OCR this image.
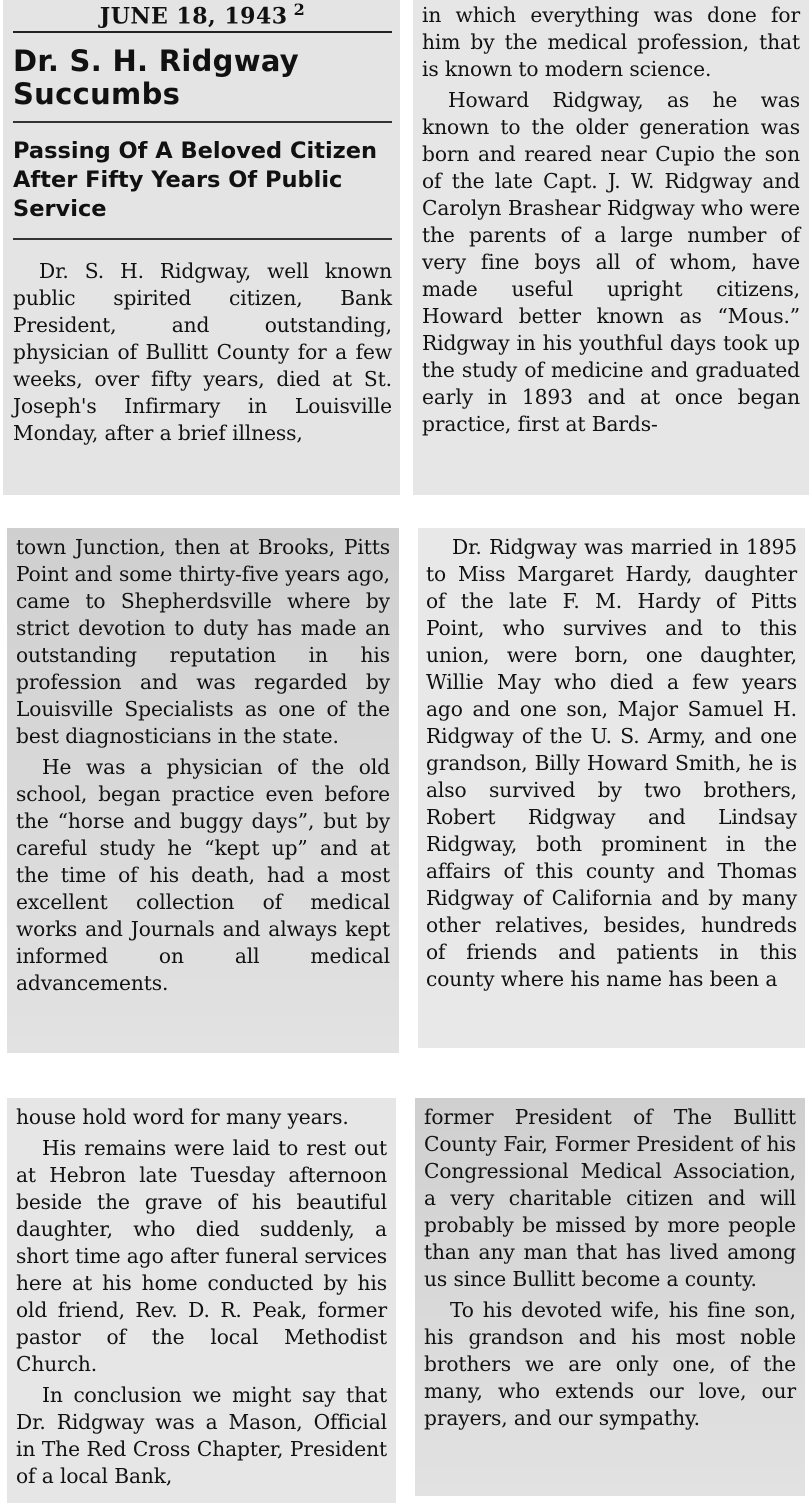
JUNE 18, 1943 $^2$
Dr. S. H. Ridgway Succumbs
Passing Of A Beloved Citizen After Fifty Years Of Public Service

Dr. S. H. Ridgway, well known public spirited citizen, Bank President, and outstanding, physician of Bullitt County for a few weeks, over fifty years, died at St. Joseph's Infirmary in Louisville Monday, after a brief illness,

in which everything was done for him by the medical profession, that is known to modern science.

Howard Ridgway, as he was known to the older generation was born and reared near Cupio the son of the late Capt. J. W. Ridgway and Carolyn Brashear Ridgway who were the parents of a large number of very fine boys all of whom, have made useful upright citizens, Howard better known as “Mous.” Ridgway in his youthful days took up the study of medicine and graduated early in 1893 and at once began practice, first at Bards-

town Junction, then at Brooks, Pitts Point and some thirty-five years ago, came to Shepherdsville where by strict devotion to duty has made an outstanding reputation in his profession and was regarded by Louisville Specialists as one of the best diagnosticians in the state.

He was a physician of the old school, began practice even before the “horse and buggy days”, but by careful study he “kept up” and at the time of his death, had a most excellent collection of medical works and Journals and always kept informed on all medical advancements.

Dr. Ridgway was married in 1895 to Miss Margaret Hardy, daughter of the late F. M. Hardy of Pitts Point, who survives and to this union, were born, one daughter, Willie May who died a few years ago and one son, Major Samuel H. Ridgway of the U. S. Army, and one grandson, Billy Howard Smith, he is also survived by two brothers, Robert Ridgway and Lindsay Ridgway, both prominent in the affairs of this county and Thomas Ridgway of California and by many other relatives, besides, hundreds of friends and patients in this county where his name has been a

house hold word for many years.

His remains were laid to rest out at Hebron late Tuesday afternoon beside the grave of his beautiful daughter, who died suddenly, a short time ago after funeral services here at his home conducted by his old friend, Rev. D. R. Peak, former pastor of the local Methodist Church.

In conclusion we might say that Dr. Ridgway was a Mason, Official in The Red Cross Chapter, President of a local Bank,

former President of The Bullitt County Fair, Former President of his Congressional Medical Association, a very charitable citizen and will probably be missed by more people than any man that has lived among us since Bullitt become a county.

To his devoted wife, his fine son, his grandson and his most noble brothers we are only one, of the many, who extends our love, our prayers, and our sympathy.
